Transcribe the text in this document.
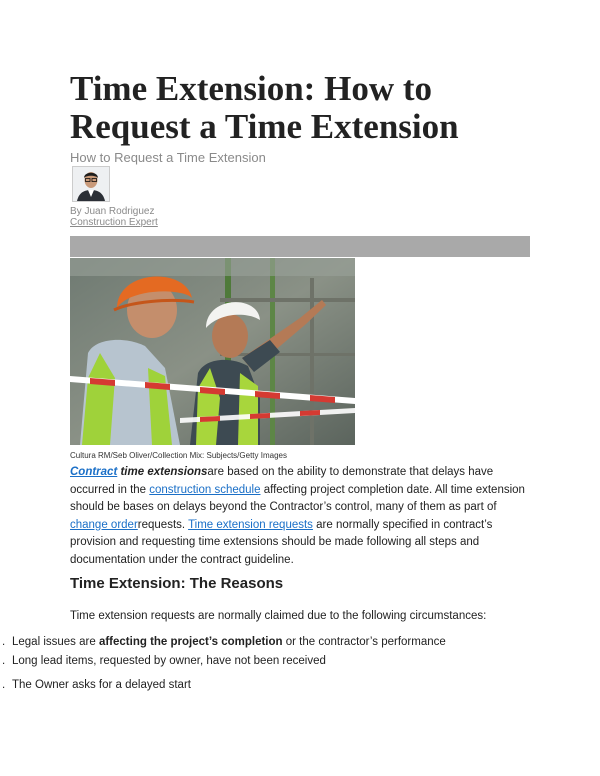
Time Extension: How to Request a Time Extension
How to Request a Time Extension
By Juan Rodriguez
Construction Expert
Cultura RM/Seb Oliver/Collection Mix: Subjects/Getty Images

Contract time extensionsare based on the ability to demonstrate that delays have occurred in the construction schedule affecting project completion date. All time extension should be bases on delays beyond the Contractor’s control, many of them as part of change orderrequests. Time extension requests are normally specified in contract’s provision and requesting time extensions should be made following all steps and documentation under the contract guideline.

Time Extension: The Reasons
Time extension requests are normally claimed due to the following circumstances:
. Legal issues are affecting the project’s completion or the contractor’s performance
. Long lead items, requested by owner, have not been received
. The Owner asks for a delayed start
